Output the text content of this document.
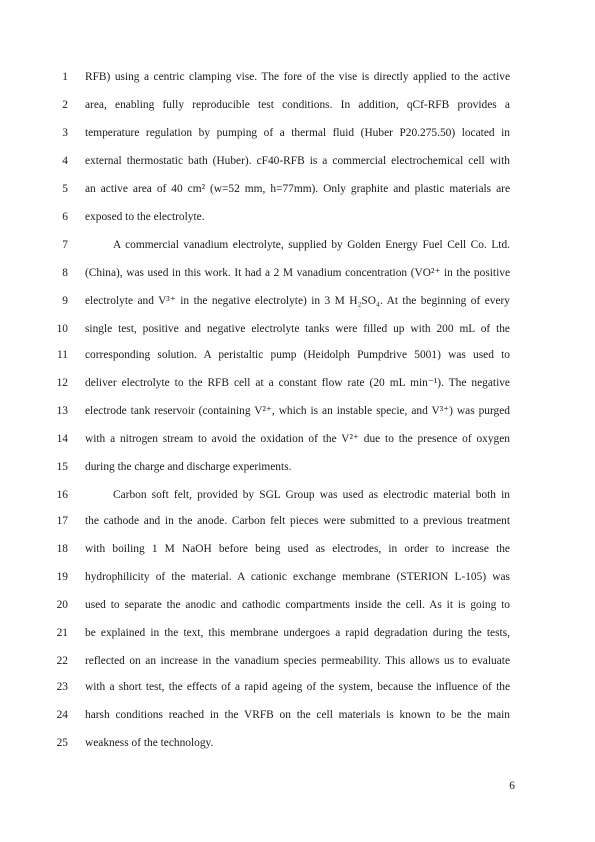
1 RFB) using a centric clamping vise. The fore of the vise is directly applied to the active
2 area, enabling fully reproducible test conditions. In addition, qCf-RFB provides a
3 temperature regulation by pumping of a thermal fluid (Huber P20.275.50) located in
4 external thermostatic bath (Huber). cF40-RFB is a commercial electrochemical cell with
5 an active area of 40 cm² (w=52 mm, h=77mm). Only graphite and plastic materials are
6 exposed to the electrolyte.
7	A commercial vanadium electrolyte, supplied by Golden Energy Fuel Cell Co. Ltd.
8 (China), was used in this work. It had a 2 M vanadium concentration (VO²⁺ in the positive
9 electrolyte and V³⁺ in the negative electrolyte) in 3 M H₂SO₄. At the beginning of every
10 single test, positive and negative electrolyte tanks were filled up with 200 mL of the
11 corresponding solution. A peristaltic pump (Heidolph Pumpdrive 5001) was used to
12 deliver electrolyte to the RFB cell at a constant flow rate (20 mL min⁻¹). The negative
13 electrode tank reservoir (containing V²⁺, which is an instable specie, and V³⁺) was purged
14 with a nitrogen stream to avoid the oxidation of the V²⁺ due to the presence of oxygen
15 during the charge and discharge experiments.
16	Carbon soft felt, provided by SGL Group was used as electrodic material both in
17 the cathode and in the anode. Carbon felt pieces were submitted to a previous treatment
18 with boiling 1 M NaOH before being used as electrodes, in order to increase the
19 hydrophilicity of the material. A cationic exchange membrane (STERION L-105) was
20 used to separate the anodic and cathodic compartments inside the cell. As it is going to
21 be explained in the text, this membrane undergoes a rapid degradation during the tests,
22 reflected on an increase in the vanadium species permeability. This allows us to evaluate
23 with a short test, the effects of a rapid ageing of the system, because the influence of the
24 harsh conditions reached in the VRFB on the cell materials is known to be the main
25 weakness of the technology.
6
